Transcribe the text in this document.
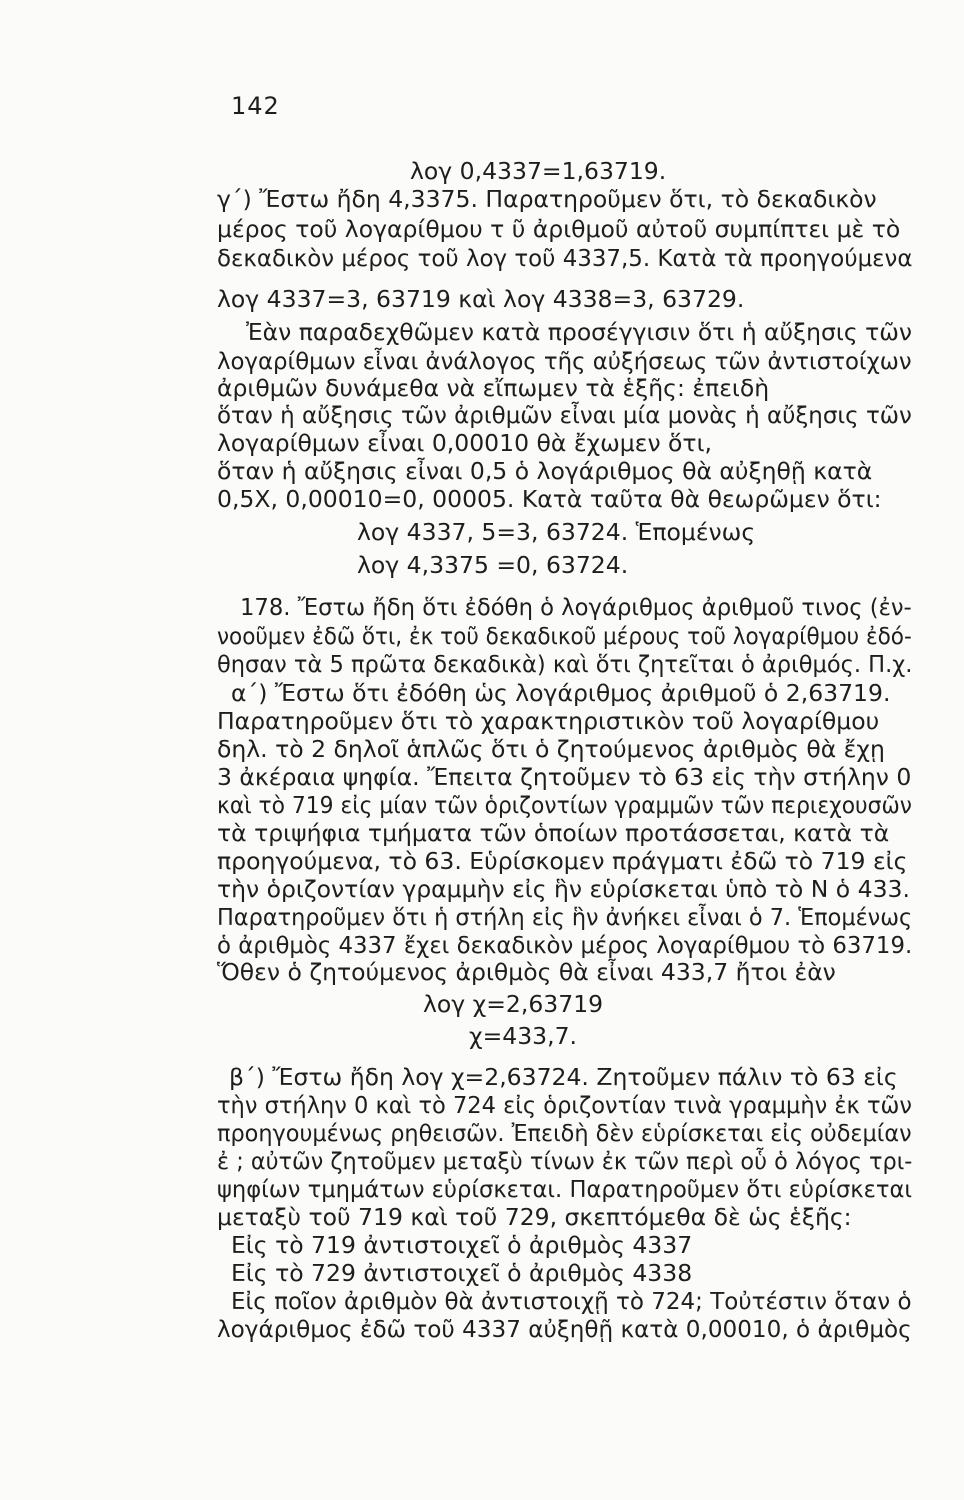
142
λογ 0,4337=1,63719.
γ΄) Ἔστω ἤδη 4,3375. Παρατηροῦμεν ὅτι, τὸ δεκαδικὸν
μέρος τοῦ λογαρίθμου τ ῦ ἀριθμοῦ αὐτοῦ συμπίπτει μὲ τὸ
δεκαδικὸν μέρος τοῦ λογ τοῦ 4337,5. Κατὰ τὰ προηγούμενα
λογ 4337=3, 63719 καὶ λογ 4338=3, 63729.
Ἐὰν παραδεχθῶμεν κατὰ προσέγγισιν ὅτι ἡ αὔξησις τῶν
λογαρίθμων εἶναι ἀνάλογος τῆς αὐξήσεως τῶν ἀντιστοίχων
ἀριθμῶν δυνάμεθα νὰ εἴπωμεν τὰ ἑξῆς: ἐπειδὴ
ὅταν ἡ αὔξησις τῶν ἀριθμῶν εἶναι μία μονὰς ἡ αὔξησις τῶν
λογαρίθμων εἶναι 0,00010 θὰ ἔχωμεν ὅτι,
ὅταν ἡ αὔξησις εἶναι 0,5 ὁ λογάριθμος θὰ αὐξηθῇ κατὰ
0,5X, 0,00010=0, 00005. Κατὰ ταῦτα θὰ θεωρῶμεν ὅτι:
λογ 4337, 5=3, 63724. Ἑπομένως
λογ 4,3375 =0, 63724.
178. Ἔστω ἤδη ὅτι ἐδόθη ὁ λογάριθμος ἀριθμοῦ τινος (ἐν-
νοοῦμεν ἐδῶ ὅτι, ἐκ τοῦ δεκαδικοῦ μέρους τοῦ λογαρίθμου ἐδό-
θησαν τὰ 5 πρῶτα δεκαδικὰ) καὶ ὅτι ζητεῖται ὁ ἀριθμός. Π.χ.
α΄) Ἔστω ὅτι ἐδόθη ὡς λογάριθμος ἀριθμοῦ ὁ 2,63719.
Παρατηροῦμεν ὅτι τὸ χαρακτηριστικὸν τοῦ λογαρίθμου
δηλ. τὸ 2 δηλοῖ ἁπλῶς ὅτι ὁ ζητούμενος ἀριθμὸς θὰ ἔχῃ
3 ἀκέραια ψηφία. Ἔπειτα ζητοῦμεν τὸ 63 εἰς τὴν στήλην 0
καὶ τὸ 719 εἰς μίαν τῶν ὁριζοντίων γραμμῶν τῶν περιεχουσῶν
τὰ τριψήφια τμήματα τῶν ὁποίων προτάσσεται, κατὰ τὰ
προηγούμενα, τὸ 63. Εὑρίσκομεν πράγματι ἐδῶ τὸ 719 εἰς
τὴν ὁριζοντίαν γραμμὴν εἰς ἣν εὑρίσκεται ὑπὸ τὸ Ν ὁ 433.
Παρατηροῦμεν ὅτι ἡ στήλη εἰς ἣν ἀνήκει εἶναι ὁ 7. Ἑπομένως
ὁ ἀριθμὸς 4337 ἔχει δεκαδικὸν μέρος λογαρίθμου τὸ 63719.
Ὅθεν ὁ ζητούμενος ἀριθμὸς θὰ εἶναι 433,7 ἤτοι ἐὰν
λογ χ=2,63719
χ=433,7.
β΄) Ἔστω ἤδη λογ χ=2,63724. Ζητοῦμεν πάλιν τὸ 63 εἰς
τὴν στήλην 0 καὶ τὸ 724 εἰς ὁριζοντίαν τινὰ γραμμὴν ἐκ τῶν
προηγουμένως ρηθεισῶν. Ἐπειδὴ δὲν εὑρίσκεται εἰς οὐδεμίαν
ἐ ; αὐτῶν ζητοῦμεν μεταξὺ τίνων ἐκ τῶν περὶ οὗ ὁ λόγος τρι-
ψηφίων τμημάτων εὑρίσκεται. Παρατηροῦμεν ὅτι εὑρίσκεται
μεταξὺ τοῦ 719 καὶ τοῦ 729, σκεπτόμεθα δὲ ὡς ἑξῆς:
Εἰς τὸ 719 ἀντιστοιχεῖ ὁ ἀριθμὸς 4337
Εἰς τὸ 729 ἀντιστοιχεῖ ὁ ἀριθμὸς 4338
Εἰς ποῖον ἀριθμὸν θὰ ἀντιστοιχῇ τὸ 724; Τοὐτέστιν ὅταν ὁ
λογάριθμος ἐδῶ τοῦ 4337 αὐξηθῇ κατὰ 0,00010, ὁ ἀριθμὸς
